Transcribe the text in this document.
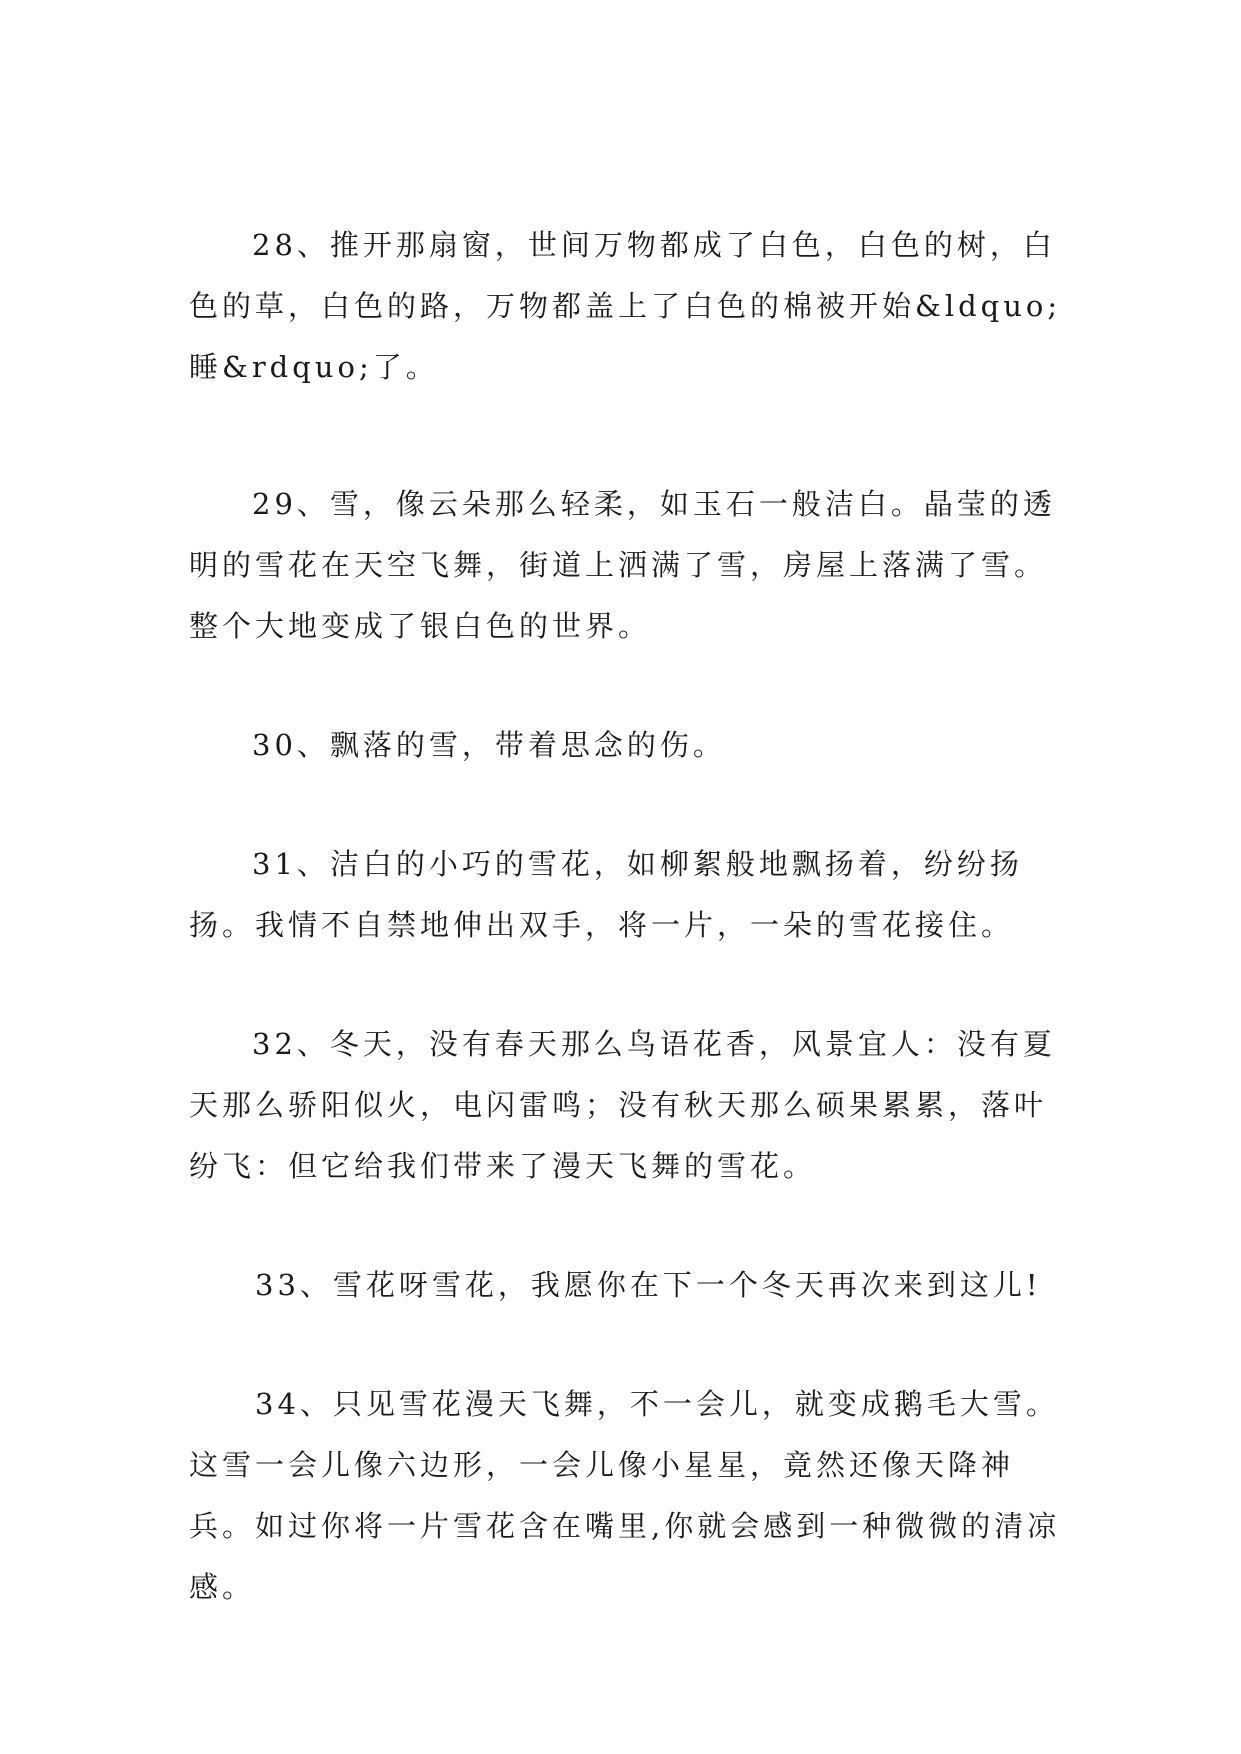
28、推开那扇窗，世间万物都成了白色，白色的树，白色的草，白色的路，万物都盖上了白色的棉被开始&ldquo;睡&rdquo;了。

29、雪，像云朵那么轻柔，如玉石一般洁白。晶莹的透明的雪花在天空飞舞，街道上洒满了雪，房屋上落满了雪。整个大地变成了银白色的世界。

30、飘落的雪，带着思念的伤。

31、洁白的小巧的雪花，如柳絮般地飘扬着，纷纷扬扬。我情不自禁地伸出双手，将一片，一朵的雪花接住。

32、冬天，没有春天那么鸟语花香，风景宜人：没有夏天那么骄阳似火，电闪雷鸣；没有秋天那么硕果累累，落叶纷飞：但它给我们带来了漫天飞舞的雪花。

33、雪花呀雪花，我愿你在下一个冬天再次来到这儿!

34、只见雪花漫天飞舞，不一会儿，就变成鹅毛大雪。这雪一会儿像六边形，一会儿像小星星，竟然还像天降神兵。如过你将一片雪花含在嘴里,你就会感到一种微微的清凉感。
